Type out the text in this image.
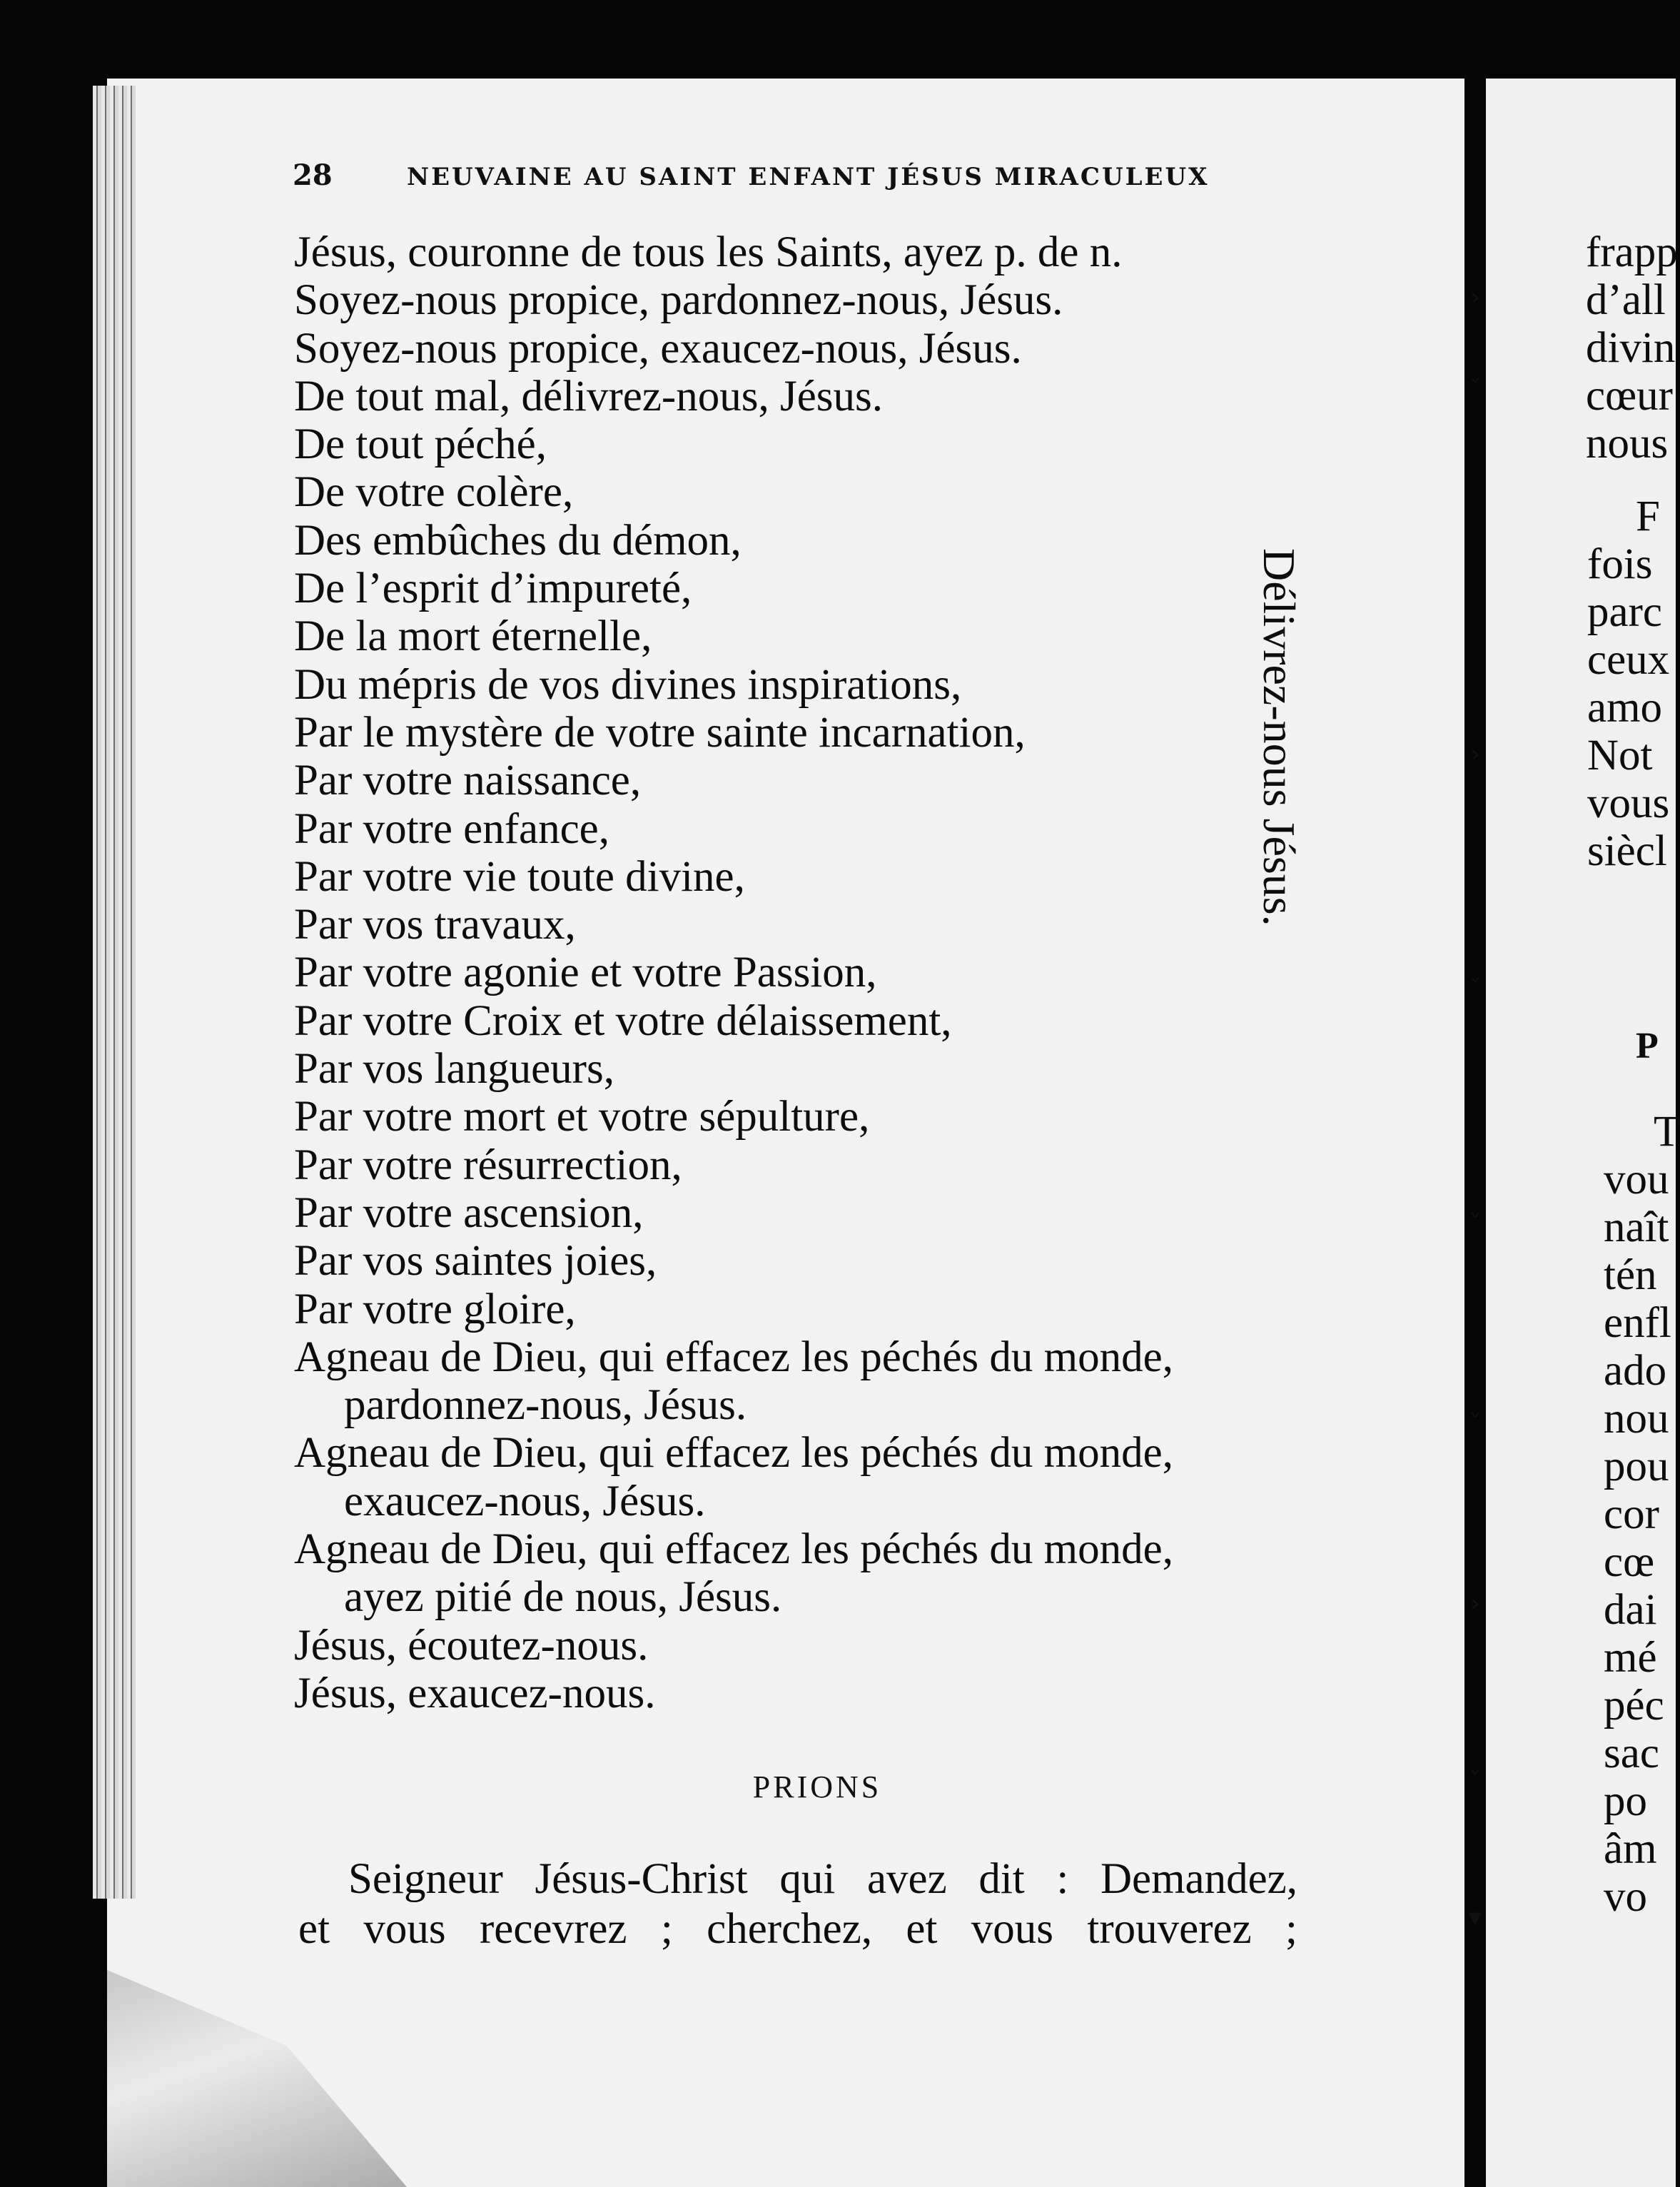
28	NEUVAINE AU SAINT ENFANT JÉSUS MIRACULEUX
Jésus, couronne de tous les Saints, ayez p. de n.
Soyez-nous propice, pardonnez-nous, Jésus.
Soyez-nous propice, exaucez-nous, Jésus.
De tout mal, délivrez-nous, Jésus.
De tout péché,
De votre colère,
Des embûches du démon,
De l’esprit d’impureté,
De la mort éternelle,
Du mépris de vos divines inspirations,
Par le mystère de votre sainte incarnation,
Par votre naissance,
Par votre enfance,
Par votre vie toute divine,
Par vos travaux,
Par votre agonie et votre Passion,
Par votre Croix et votre délaissement,
Par vos langueurs,
Par votre mort et votre sépulture,
Par votre résurrection,
Par votre ascension,
Par vos saintes joies,
Par votre gloire,
Agneau de Dieu, qui effacez les péchés du monde,
pardonnez-nous, Jésus.
Agneau de Dieu, qui effacez les péchés du monde,
exaucez-nous, Jésus.
Agneau de Dieu, qui effacez les péchés du monde,
ayez pitié de nous, Jésus.
Jésus, écoutez-nous.
Jésus, exaucez-nous.
Délivrez-nous Jésus.
PRIONS
Seigneur Jésus-Christ qui avez dit : Demandez,
et vous recevrez ; cherchez, et vous trouverez ;
›
ˇ
›
ˇ
ˇ
ˇ
›
ˇ
▾
frapp
d’all
divin
cœur
nous
F
fois
parc
ceux
amo
Not
vous
siècl
P
T
vou
naît
tén
enfl
ado
nou
pou
cor
cœ
dai
mé
péc
sac
po
âm
vo
